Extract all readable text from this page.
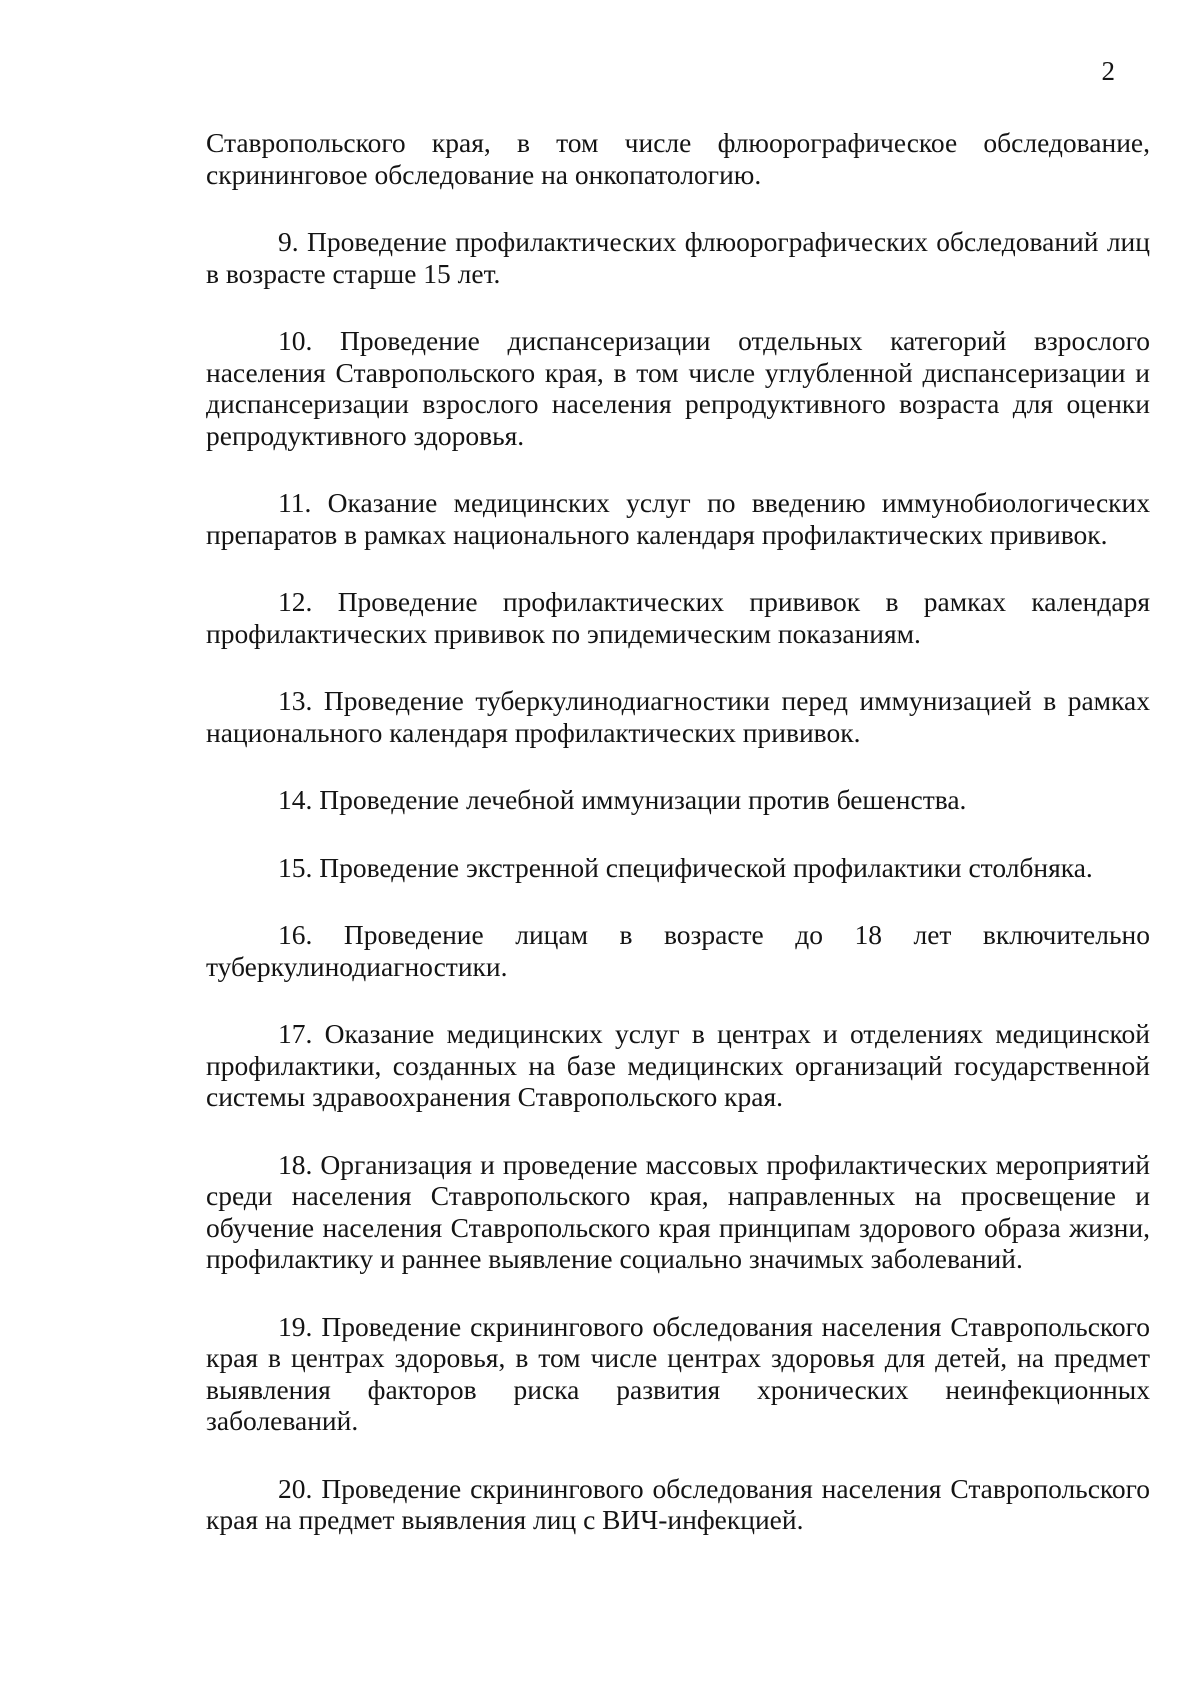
2

Ставропольского края, в том числе флюорографическое обследование, скрининговое обследование на онкопатологию.

9. Проведение профилактических флюорографических обследований лиц в возрасте старше 15 лет.

10. Проведение диспансеризации отдельных категорий взрослого населения Ставропольского края, в том числе углубленной диспансеризации и диспансеризации взрослого населения репродуктивного возраста для оценки репродуктивного здоровья.

11. Оказание медицинских услуг по введению иммунобиологических препаратов в рамках национального календаря профилактических прививок.

12. Проведение профилактических прививок в рамках календаря профилактических прививок по эпидемическим показаниям.

13. Проведение туберкулинодиагностики перед иммунизацией в рамках национального календаря профилактических прививок.

14. Проведение лечебной иммунизации против бешенства.

15. Проведение экстренной специфической профилактики столбняка.

16. Проведение лицам в возрасте до 18 лет включительно туберкулинодиагностики.

17. Оказание медицинских услуг в центрах и отделениях медицинской профилактики, созданных на базе медицинских организаций государственной системы здравоохранения Ставропольского края.

18. Организация и проведение массовых профилактических мероприятий среди населения Ставропольского края, направленных на просвещение и обучение населения Ставропольского края принципам здорового образа жизни, профилактику и раннее выявление социально значимых заболеваний.

19. Проведение скринингового обследования населения Ставропольского края в центрах здоровья, в том числе центрах здоровья для детей, на предмет выявления факторов риска развития хронических неинфекционных заболеваний.

20. Проведение скринингового обследования населения Ставропольского края на предмет выявления лиц с ВИЧ-инфекцией.
